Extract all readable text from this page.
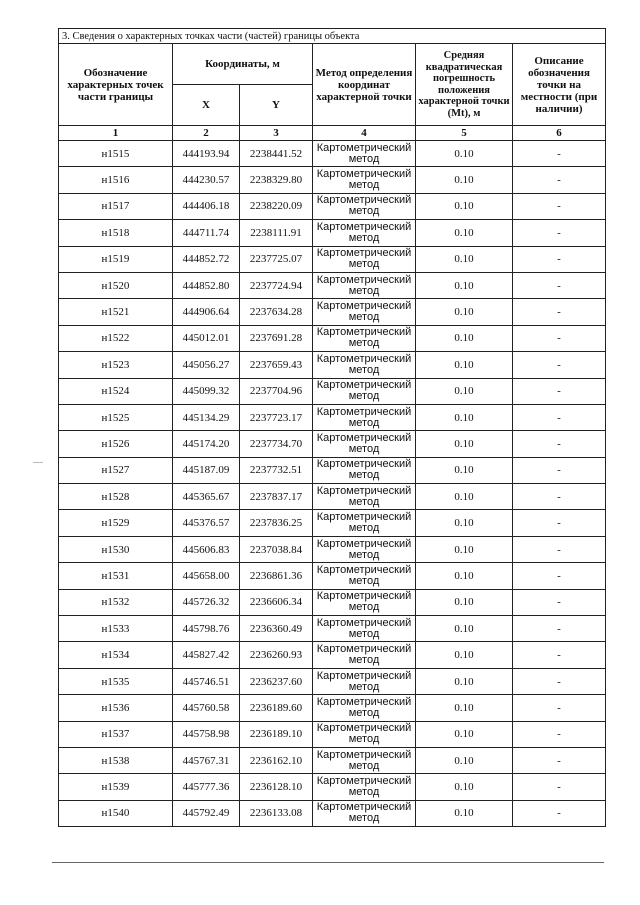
3. Сведения о характерных точках части (частей) границы объекта					
Обозначение характерных точек части границы	Координаты, м		Метод определения координат характерной точки	Средняя квадратическая погрешность положения характерной точки (Mt), м	Описание обозначения точки на местности (при наличии)
	X	Y			
1	2	3	4	5	6
н1515	444193.94	2238441.52	Картометрический метод	0.10	-
н1516	444230.57	2238329.80	Картометрический метод	0.10	-
н1517	444406.18	2238220.09	Картометрический метод	0.10	-
н1518	444711.74	2238111.91	Картометрический метод	0.10	-
н1519	444852.72	2237725.07	Картометрический метод	0.10	-
н1520	444852.80	2237724.94	Картометрический метод	0.10	-
н1521	444906.64	2237634.28	Картометрический метод	0.10	-
н1522	445012.01	2237691.28	Картометрический метод	0.10	-
н1523	445056.27	2237659.43	Картометрический метод	0.10	-
н1524	445099.32	2237704.96	Картометрический метод	0.10	-
н1525	445134.29	2237723.17	Картометрический метод	0.10	-
н1526	445174.20	2237734.70	Картометрический метод	0.10	-
н1527	445187.09	2237732.51	Картометрический метод	0.10	-
н1528	445365.67	2237837.17	Картометрический метод	0.10	-
н1529	445376.57	2237836.25	Картометрический метод	0.10	-
н1530	445606.83	2237038.84	Картометрический метод	0.10	-
н1531	445658.00	2236861.36	Картометрический метод	0.10	-
н1532	445726.32	2236606.34	Картометрический метод	0.10	-
н1533	445798.76	2236360.49	Картометрический метод	0.10	-
н1534	445827.42	2236260.93	Картометрический метод	0.10	-
н1535	445746.51	2236237.60	Картометрический метод	0.10	-
н1536	445760.58	2236189.60	Картометрический метод	0.10	-
н1537	445758.98	2236189.10	Картометрический метод	0.10	-
н1538	445767.31	2236162.10	Картометрический метод	0.10	-
н1539	445777.36	2236128.10	Картометрический метод	0.10	-
н1540	445792.49	2236133.08	Картометрический метод	0.10	-
